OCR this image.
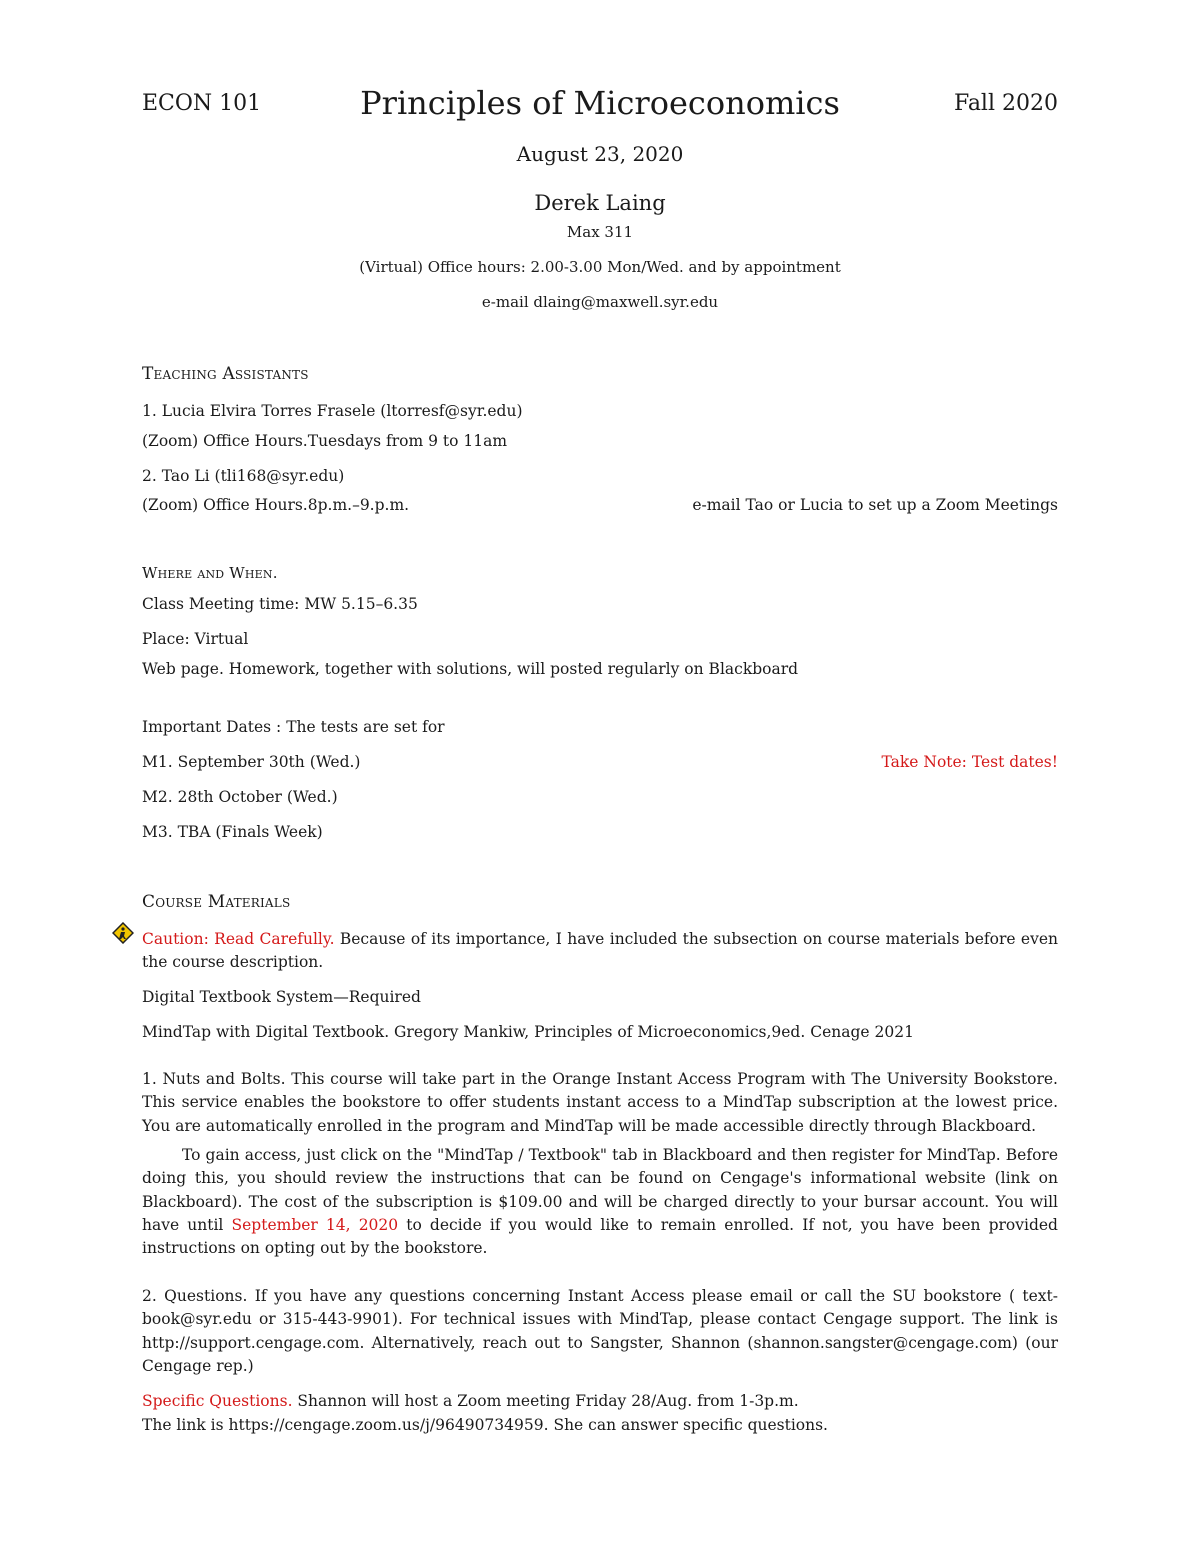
ECON 101	Principles of Microeconomics	Fall 2020
August 23, 2020
Derek Laing
Max 311
(Virtual) Office hours: 2.00-3.00 Mon/Wed. and by appointment
e-mail dlaing@maxwell.syr.edu
Teaching Assistants
1. Lucia Elvira Torres Frasele (ltorresf@syr.edu)
(Zoom) Office Hours.Tuesdays from 9 to 11am
2. Tao Li (tli168@syr.edu)
(Zoom) Office Hours.8p.m.–9.p.m.	e-mail Tao or Lucia to set up a Zoom Meetings
Where and When.
Class Meeting time: MW 5.15–6.35
Place: Virtual
Web page. Homework, together with solutions, will posted regularly on Blackboard
Important Dates : The tests are set for
M1. September 30th (Wed.)	Take Note: Test dates!
M2. 28th October (Wed.)
M3. TBA (Finals Week)
Course Materials
Caution: Read Carefully. Because of its importance, I have included the subsection on course materials before even the course description.
Digital Textbook System—Required
MindTap with Digital Textbook. Gregory Mankiw, Principles of Microeconomics,9ed. Cenage 2021
1. Nuts and Bolts. This course will take part in the Orange Instant Access Program with The University Bookstore. This service enables the bookstore to offer students instant access to a MindTap subscription at the lowest price. You are automatically enrolled in the program and MindTap will be made accessible directly through Blackboard.
To gain access, just click on the "MindTap / Textbook" tab in Blackboard and then register for MindTap. Before doing this, you should review the instructions that can be found on Cengage's informational website (link on Blackboard). The cost of the subscription is $109.00 and will be charged directly to your bursar account. You will have until September 14, 2020 to decide if you would like to remain enrolled. If not, you have been provided instructions on opting out by the bookstore.
2. Questions. If you have any questions concerning Instant Access please email or call the SU bookstore ( text-book@syr.edu or 315-443-9901). For technical issues with MindTap, please contact Cengage support. The link is http://support.cengage.com. Alternatively, reach out to Sangster, Shannon (shannon.sangster@cengage.com) (our Cengage rep.)
Specific Questions. Shannon will host a Zoom meeting Friday 28/Aug. from 1-3p.m.
The link is https://cengage.zoom.us/j/96490734959. She can answer specific questions.
